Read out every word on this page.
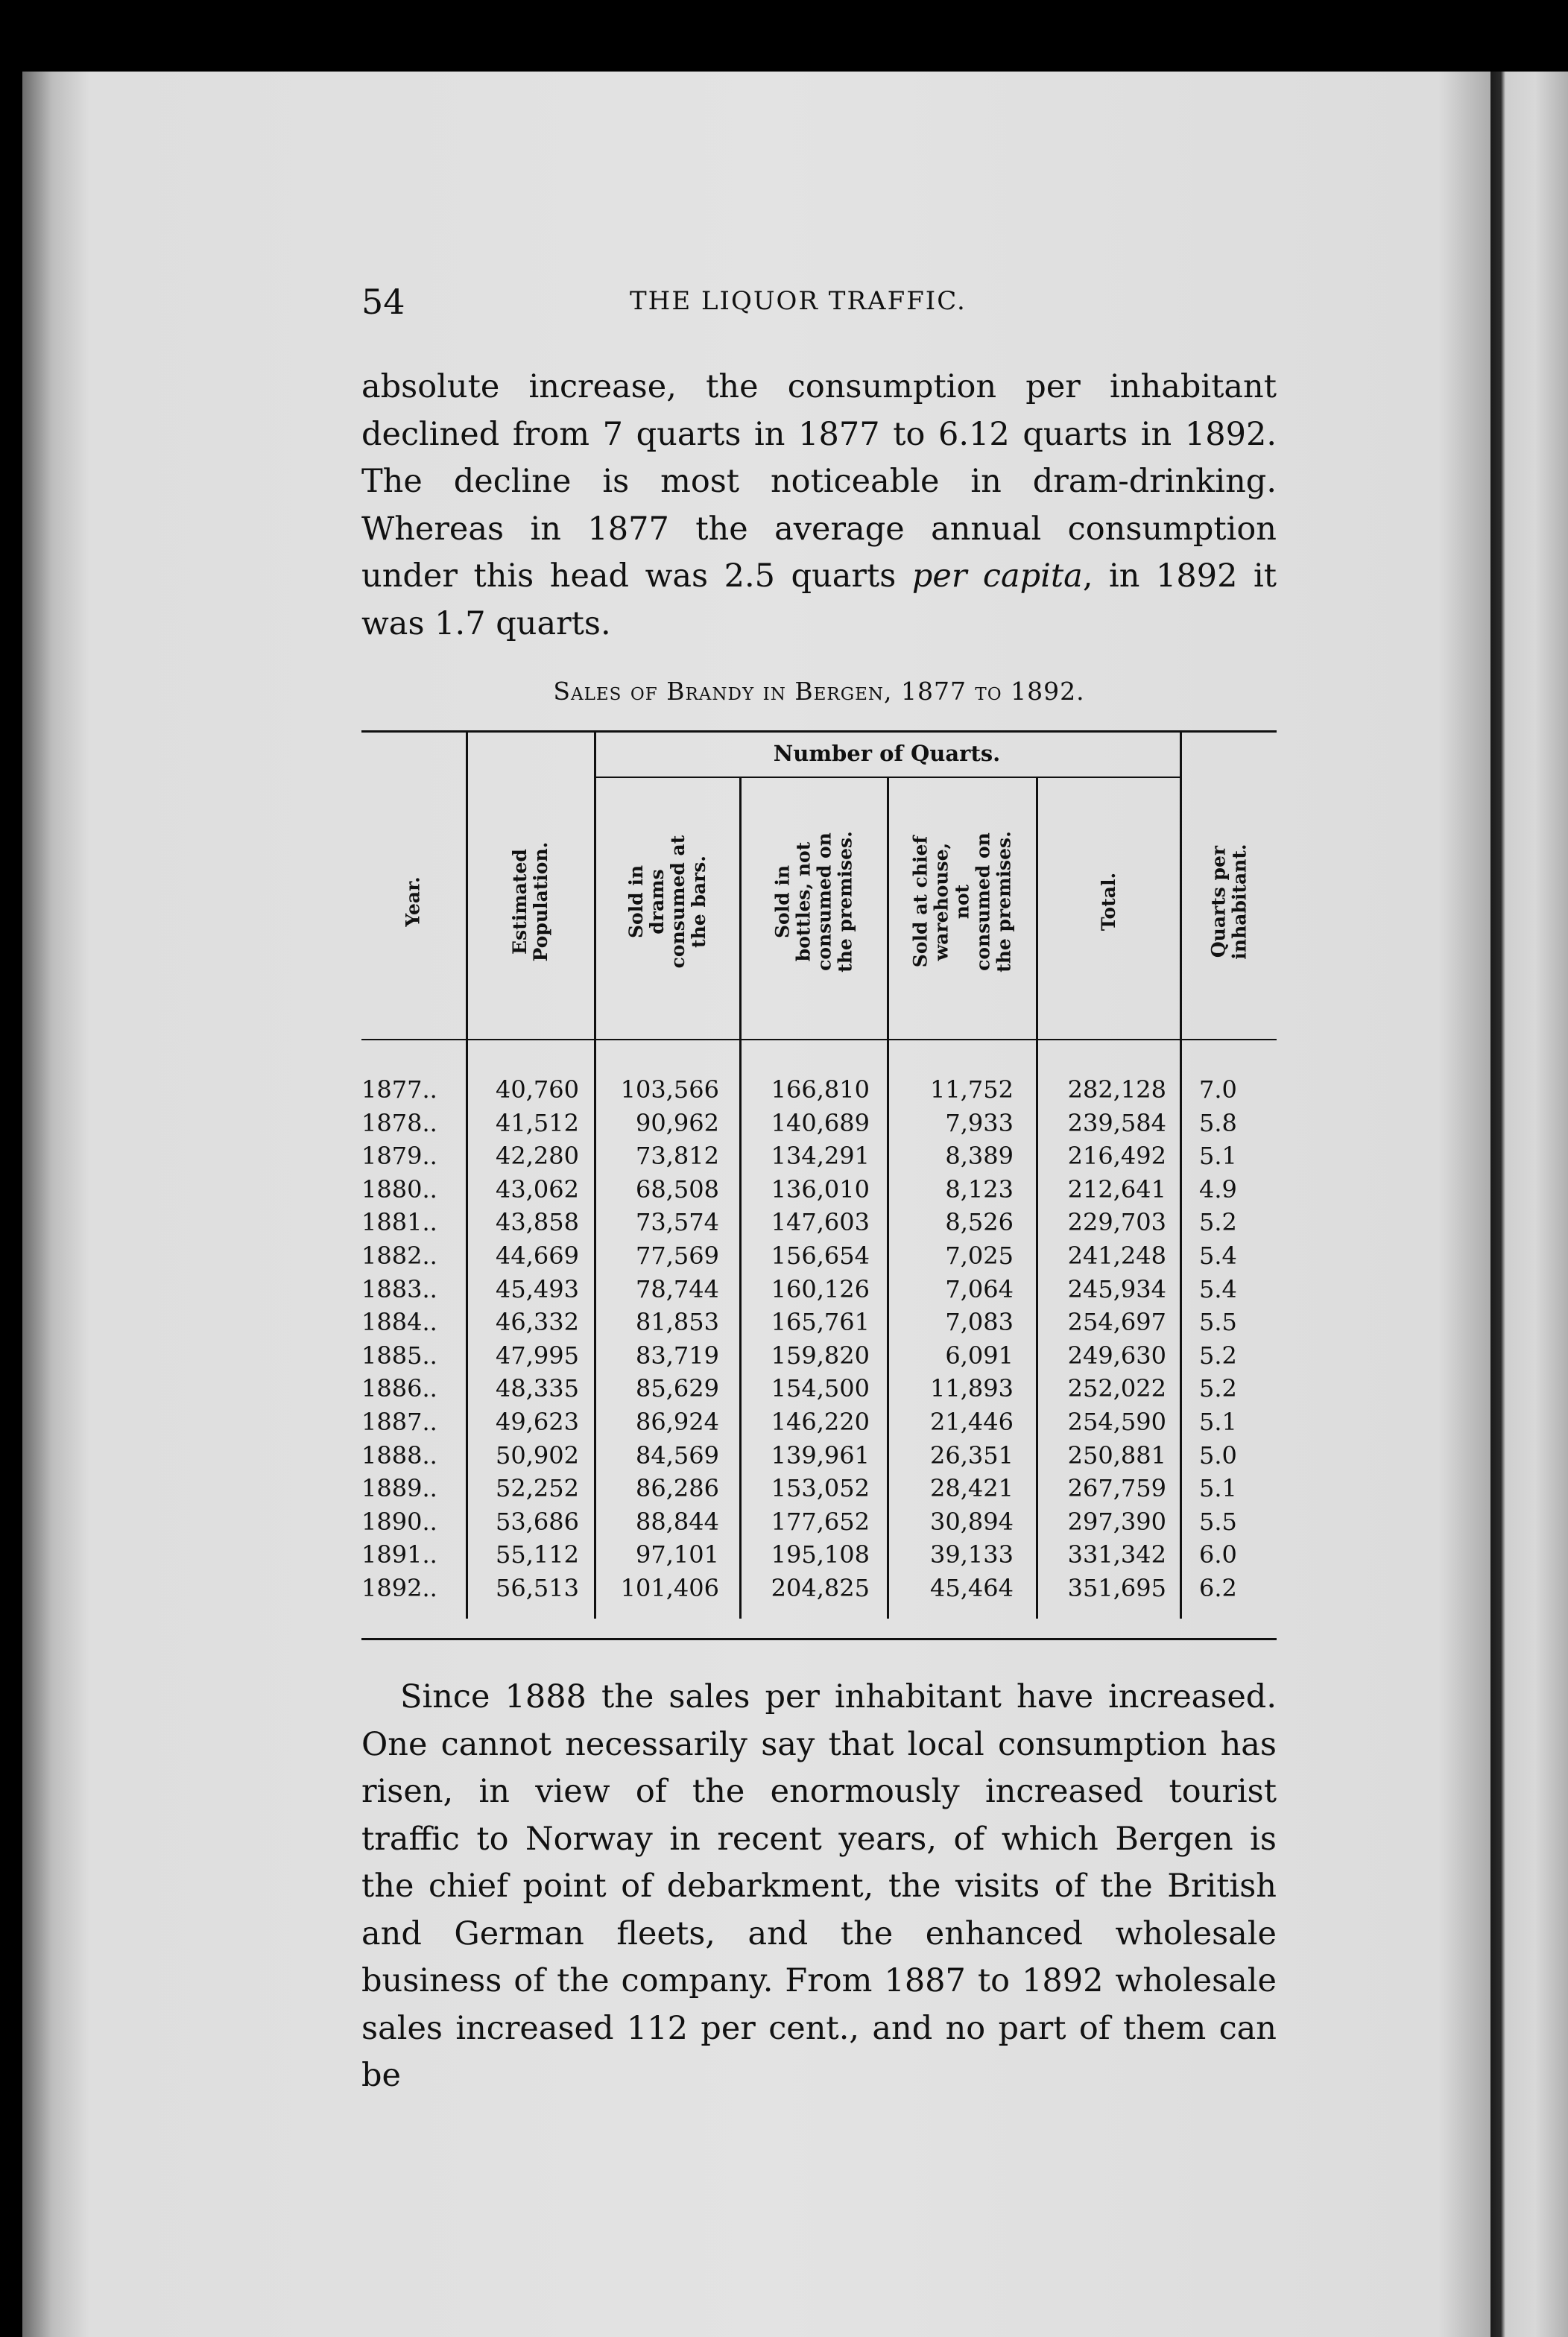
54	THE LIQUOR TRAFFIC.

absolute increase, the consumption per inhabitant declined from 7 quarts in 1877 to 6.12 quarts in 1892. The decline is most noticeable in dram-drinking. Whereas in 1877 the average annual consumption under this head was 2.5 quarts per capita, in 1892 it was 1.7 quarts.

Sales of Brandy in Bergen, 1877 to 1892.
Number of Quarts.
Year.	Estimated Population.	Sold in drams consumed at the bars.	Sold in bottles, not consumed on the premises.	Sold at chief warehouse, not consumed on the premises.	Total.	Quarts per inhabitant.
1877..	40,760	103,566	166,810	11,752	282,128 7.0
1878..	41,512	90,962	140,689	7,933	239,584 5.8
1879..	42,280	73,812	134,291	8,389	216,492 5.1
1880..	43,062	68,508	136,010	8,123	212,641 4.9
1881..	43,858	73,574	147,603	8,526	229,703 5.2
1882..	44,669	77,569	156,654	7,025	241,248 5.4
1883..	45,493	78,744	160,126	7,064	245,934 5.4
1884..	46,332	81,853	165,761	7,083	254,697 5.5
1885..	47,995	83,719	159,820	6,091	249,630 5.2
1886..	48,335	85,629	154,500	11,893	252,022 5.2
1887..	49,623	86,924	146,220	21,446	254,590 5.1
1888..	50,902	84,569	139,961	26,351	250,881 5.0
1889..	52,252	86,286	153,052	28,421	267,759 5.1
1890..	53,686	88,844	177,652	30,894	297,390 5.5
1891..	55,112	97,101	195,108	39,133	331,342 6.0
1892..	56,513	101,406	204,825	45,464	351,695 6.2

Since 1888 the sales per inhabitant have increased. One cannot necessarily say that local consumption has risen, in view of the enormously increased tourist traffic to Norway in recent years, of which Bergen is the chief point of debarkment, the visits of the British and German fleets, and the enhanced wholesale business of the company. From 1887 to 1892 wholesale sales increased 112 per cent., and no part of them can be
